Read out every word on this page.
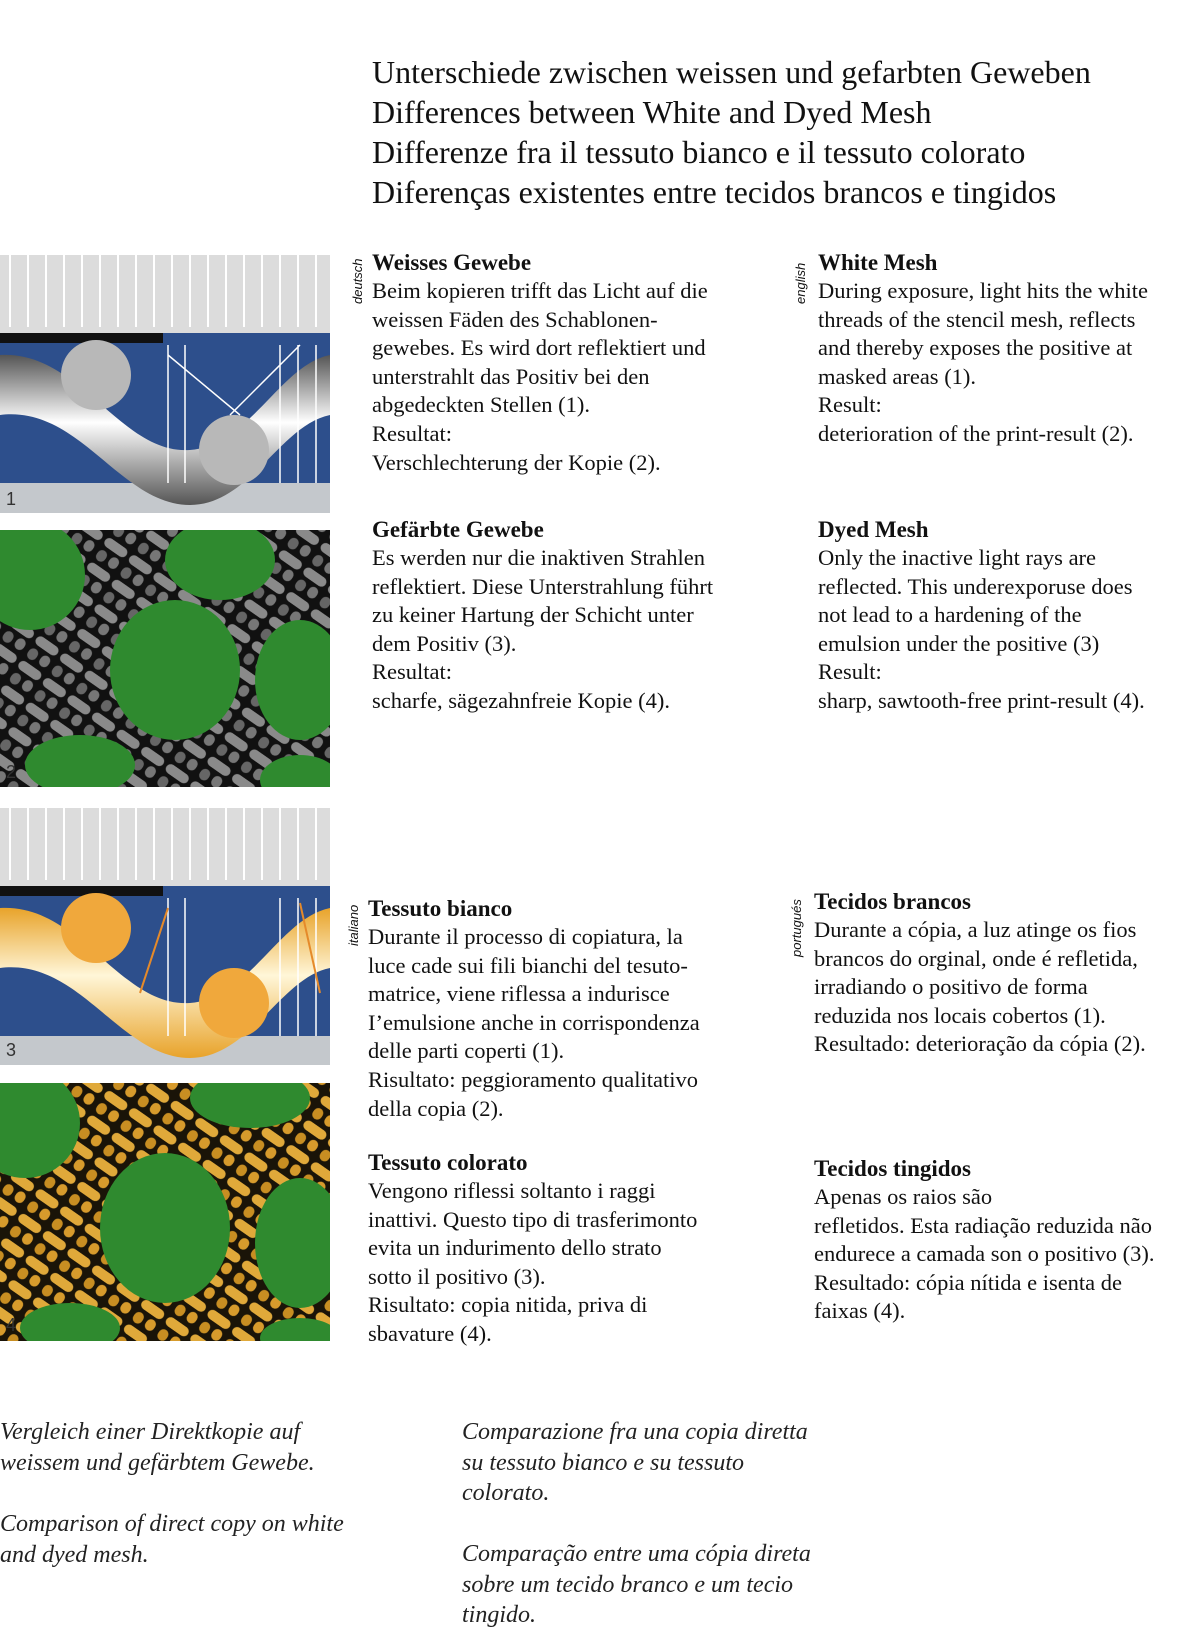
Unterschiede zwischen weissen und gefarbten Geweben
Differences between White and Dyed Mesh
Differenze fra il tessuto bianco e il tessuto colorato
Diferenças existentes entre tecidos brancos e tingidos
1
2
3
4
deutsch	english
italiano	portugués
Weisses Gewebe
Beim kopieren trifft das Licht auf die
weissen Fäden des Schablonen-
gewebes. Es wird dort reflektiert und
unterstrahlt das Positiv bei den
abgedeckten Stellen (1).
Resultat:
Verschlechterung der Kopie (2).
White Mesh
During exposure, light hits the white
threads of the stencil mesh, reflects
and thereby exposes the positive at
masked areas (1).
Result:
deterioration of the print-result (2).
Gefärbte Gewebe
Es werden nur die inaktiven Strahlen
reflektiert. Diese Unterstrahlung führt
zu keiner Hartung der Schicht unter
dem Positiv (3).
Resultat:
scharfe, sägezahnfreie Kopie (4).
Dyed Mesh
Only the inactive light rays are
reflected. This underexporuse does
not lead to a hardening of the
emulsion under the positive (3)
Result:
sharp, sawtooth-free print-result (4).
Tessuto bianco
Durante il processo di copiatura, la
luce cade sui fili bianchi del tesuto-
matrice, viene riflessa a indurisce
I’emulsione anche in corrispondenza
delle parti coperti (1).
Risultato: peggioramento qualitativo
della copia (2).
Tecidos brancos
Durante a cópia, a luz atinge os fios
brancos do orginal, onde é refletida,
irradiando o positivo de forma
reduzida nos locais cobertos (1).
Resultado: deterioração da cópia (2).
Tessuto colorato
Vengono riflessi soltanto i raggi
inattivi. Questo tipo di trasferimonto
evita un indurimento dello strato
sotto il positivo (3).
Risultato: copia nitida, priva di
sbavature (4).
Tecidos tingidos
Apenas os raios são
refletidos. Esta radiação reduzida não
endurece a camada son o positivo (3).
Resultado: cópia nítida e isenta de
faixas (4).
Vergleich einer Direktkopie auf
weissem und gefärbtem Gewebe.
Comparison of direct copy on white
and dyed mesh.
Comparazione fra una copia diretta
su tessuto bianco e su tessuto
colorato.
Comparação entre uma cópia direta
sobre um tecido branco e um tecio
tingido.
